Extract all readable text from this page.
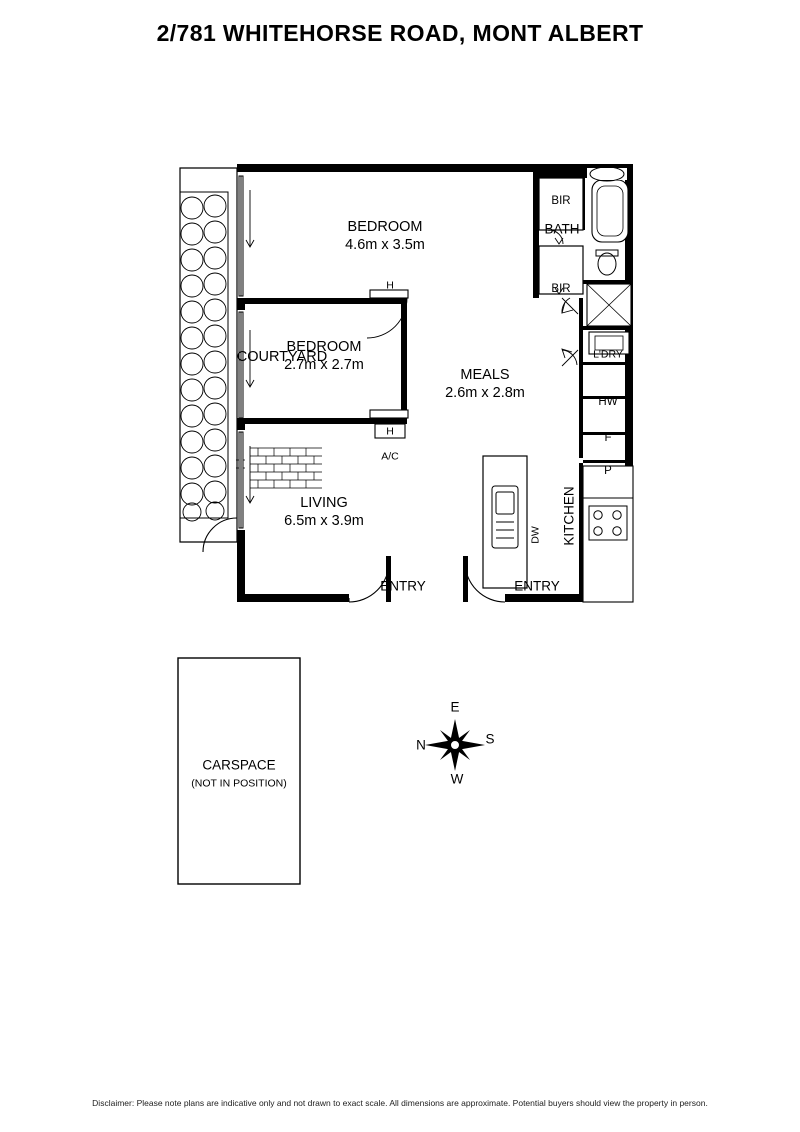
2/781 WHITEHORSE ROAD, MONT ALBERT
BEDROOM
4.6m x 3.5m
BEDROOM
2.7m x 2.7m
LIVING
6.5m x 3.9m
MEALS
2.6m x 2.8m
COURTYARD
BATH
KITCHEN
L'DRY
BIR
BIR
HW
F
P
DW
A/C
H
H
ENTRY	ENTRY
CARSPACE
(NOT IN POSITION)
E
N	S
W
Disclaimer: Please note plans are indicative only and not drawn to exact scale. All dimensions are approximate. Potential buyers should view the property in person.
